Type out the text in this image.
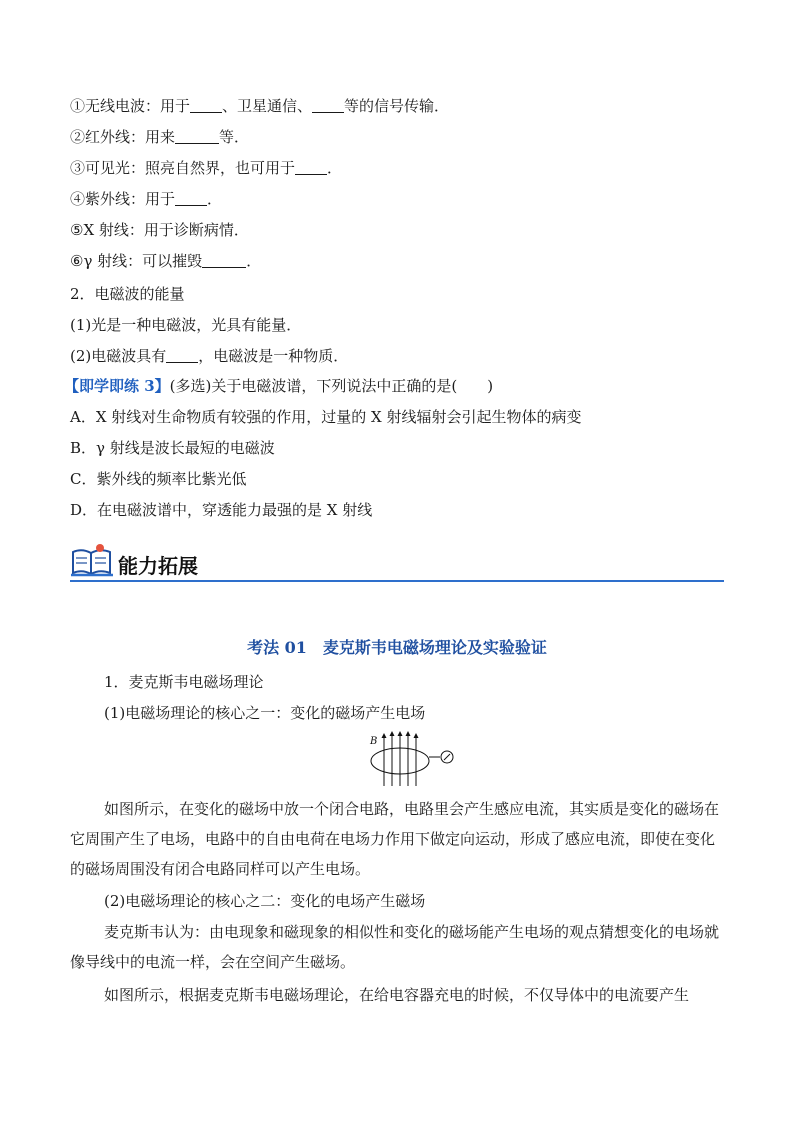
①无线电波：用于 、卫星通信、 等的信号传输．
②红外线：用来	等．
③可见光：照亮自然界，也可用于 ．
④紫外线：用于 ．
⑤X 射线：用于诊断病情．
⑥γ 射线：可以摧毁	．
2．电磁波的能量
(1)光是一种电磁波，光具有能量．
(2)电磁波具有 ，电磁波是一种物质．
【即学即练 3】(多选)关于电磁波谱，下列说法中正确的是(　　)
A．X 射线对生命物质有较强的作用，过量的 X 射线辐射会引起生物体的病变
B．γ 射线是波长最短的电磁波
C．紫外线的频率比紫光低
D．在电磁波谱中，穿透能力最强的是 X 射线
能力拓展
考法 01　麦克斯韦电磁场理论及实验验证
1．麦克斯韦电磁场理论
(1)电磁场理论的核心之一：变化的磁场产生电场
B
如图所示，在变化的磁场中放一个闭合电路，电路里会产生感应电流，其实质是变化的磁场在它周围产生了电场，电路中的自由电荷在电场力作用下做定向运动，形成了感应电流，即使在变化的磁场周围没有闭合电路同样可以产生电场。
(2)电磁场理论的核心之二：变化的电场产生磁场
麦克斯韦认为：由电现象和磁现象的相似性和变化的磁场能产生电场的观点猜想变化的电场就像导线中的电流一样，会在空间产生磁场。
如图所示，根据麦克斯韦电磁场理论，在给电容器充电的时候，不仅导体中的电流要产生
